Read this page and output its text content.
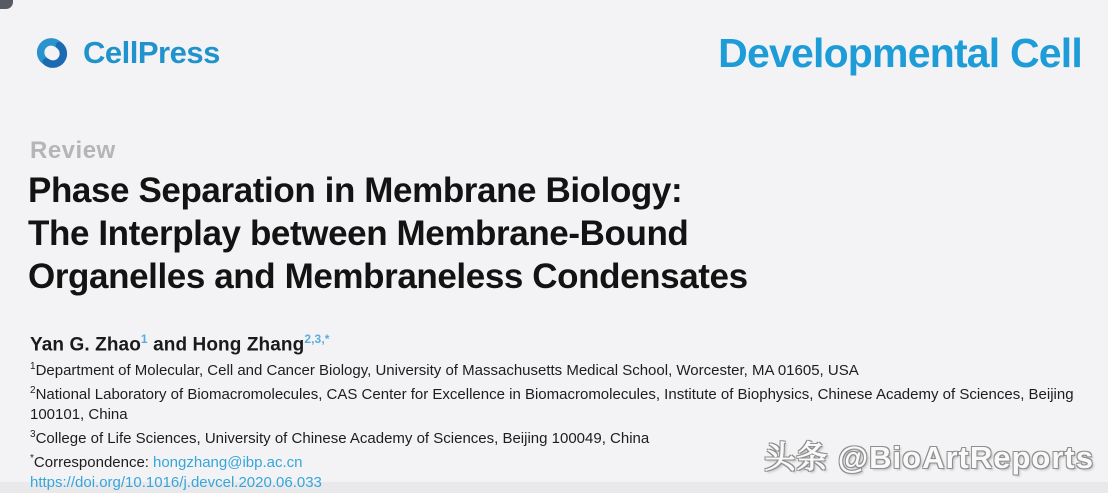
CellPress	Developmental Cell
Review
Phase Separation in Membrane Biology:
The Interplay between Membrane-Bound
Organelles and Membraneless Condensates
Yan G. Zhao$^1$ and Hong Zhang$^{2,3,*}$

$^1$Department of Molecular, Cell and Cancer Biology, University of Massachusetts Medical School, Worcester, MA 01605, USA

$^2$National Laboratory of Biomacromolecules, CAS Center for Excellence in Biomacromolecules, Institute of Biophysics, Chinese Academy of Sciences, Beijing 100101, China

$^3$College of Life Sciences, University of Chinese Academy of Sciences, Beijing 100049, China

*Correspondence: hongzhang@ibp.ac.cn

https://doi.org/10.1016/j.devcel.2020.06.033

头条 @BioArtReports
